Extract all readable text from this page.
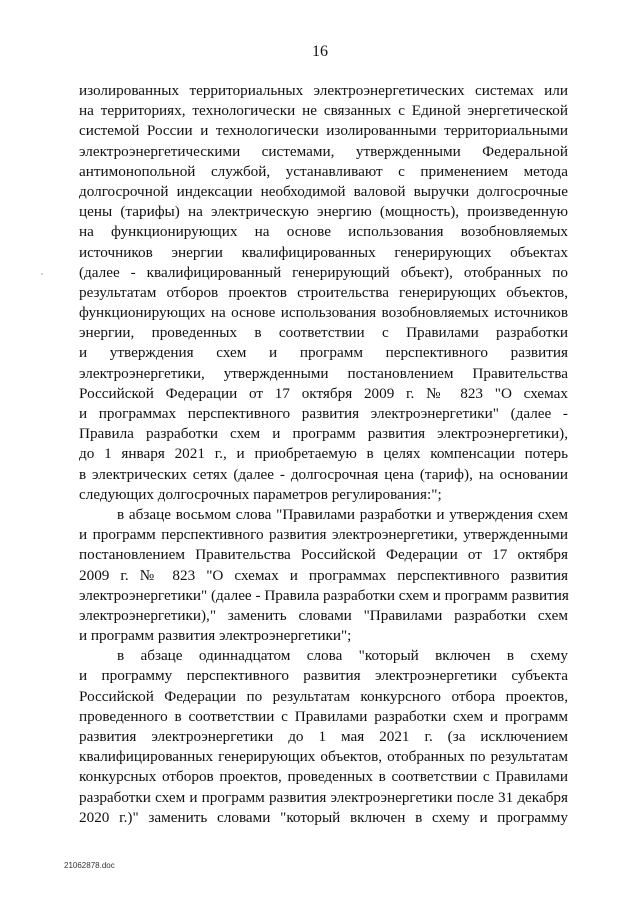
16
изолированных территориальных электроэнергетических системах или
на территориях, технологически не связанных с Единой энергетической
системой России и технологически изолированными территориальными
электроэнергетическими системами, утвержденными Федеральной
антимонопольной службой, устанавливают с применением метода
долгосрочной индексации необходимой валовой выручки долгосрочные
цены (тарифы) на электрическую энергию (мощность), произведенную
на функционирующих на основе использования возобновляемых
источников энергии квалифицированных генерирующих объектах
(далее - квалифицированный генерирующий объект), отобранных по
результатам отборов проектов строительства генерирующих объектов,
функционирующих на основе использования возобновляемых источников
энергии, проведенных в соответствии с Правилами разработки
и утверждения схем и программ перспективного развития
электроэнергетики, утвержденными постановлением Правительства
Российской Федерации от 17 октября 2009 г. № 823 "О схемах
и программах перспективного развития электроэнергетики" (далее -
Правила разработки схем и программ развития электроэнергетики),
до 1 января 2021 г., и приобретаемую в целях компенсации потерь
в электрических сетях (далее - долгосрочная цена (тариф), на основании
следующих долгосрочных параметров регулирования:";
в абзаце восьмом слова "Правилами разработки и утверждения схем
и программ перспективного развития электроэнергетики, утвержденными
постановлением Правительства Российской Федерации от 17 октября
2009 г. № 823 "О схемах и программах перспективного развития
электроэнергетики" (далее - Правила разработки схем и программ развития
электроэнергетики)," заменить словами "Правилами разработки схем
и программ развития электроэнергетики";
в абзаце одиннадцатом слова "который включен в схему
и программу перспективного развития электроэнергетики субъекта
Российской Федерации по результатам конкурсного отбора проектов,
проведенного в соответствии с Правилами разработки схем и программ
развития электроэнергетики до 1 мая 2021 г. (за исключением
квалифицированных генерирующих объектов, отобранных по результатам
конкурсных отборов проектов, проведенных в соответствии с Правилами
разработки схем и программ развития электроэнергетики после 31 декабря
2020 г.)" заменить словами "который включен в схему и программу
21062878.doc
